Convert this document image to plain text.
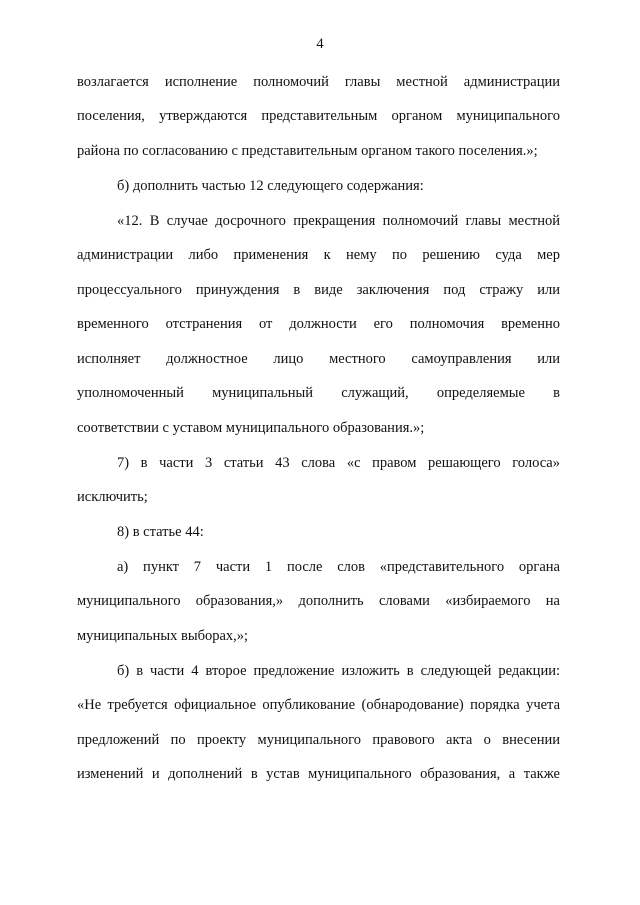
4
возлагается исполнение полномочий главы местной администрации
поселения, утверждаются представительным органом муниципального
района по согласованию с представительным органом такого поселения.»;
б) дополнить частью 12 следующего содержания:
«12. В случае досрочного прекращения полномочий главы местной
администрации либо применения к нему по решению суда мер
процессуального принуждения в виде заключения под стражу или
временного отстранения от должности его полномочия временно
исполняет должностное лицо местного самоуправления или
уполномоченный муниципальный служащий, определяемые в
соответствии с уставом муниципального образования.»;
7) в части 3 статьи 43 слова «с правом решающего голоса»
исключить;
8) в статье 44:
а) пункт 7 части 1 после слов «представительного органа
муниципального образования,» дополнить словами «избираемого на
муниципальных выборах,»;
б) в части 4 второе предложение изложить в следующей редакции:
«Не требуется официальное опубликование (обнародование) порядка учета
предложений по проекту муниципального правового акта о внесении
изменений и дополнений в устав муниципального образования, а также
